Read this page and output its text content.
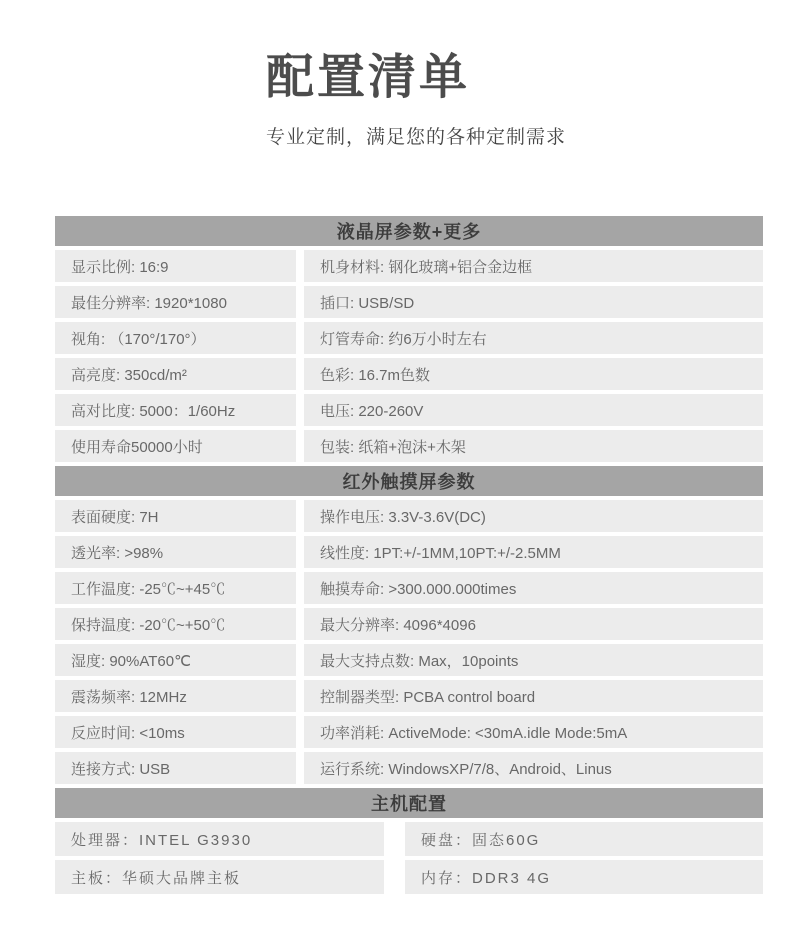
配置清单
专业定制，满足您的各种定制需求
液晶屏参数+更多
显示比例: 16:9	机身材料: 钢化玻璃+铝合金边框
最佳分辨率: 1920*1080	插口: USB/SD
视角: （170°/170°）	灯管寿命: 约6万小时左右
高亮度: 350cd/m²	色彩: 16.7m色数
高对比度: 5000：1/60Hz	电压: 220-260V
使用寿命50000小时	包装: 纸箱+泡沫+木架
红外触摸屏参数
表面硬度: 7H	操作电压: 3.3V-3.6V(DC)
透光率: >98%	线性度: 1PT:+/-1MM,10PT:+/-2.5MM
工作温度: -25℃~+45℃	触摸寿命: >300.000.000times
保持温度: -20℃~+50℃	最大分辨率: 4096*4096
湿度: 90%AT60℃	最大支持点数: Max，10points
震荡频率: 12MHz	控制器类型: PCBA control board
反应时间: <10ms	功率消耗: ActiveMode: <30mA.idle Mode:5mA
连接方式: USB	运行系统: WindowsXP/7/8、Android、Linus
主机配置
处理器：INTEL G3930	硬盘：固态60G
主板：华硕大品牌主板	内存：DDR3 4G
